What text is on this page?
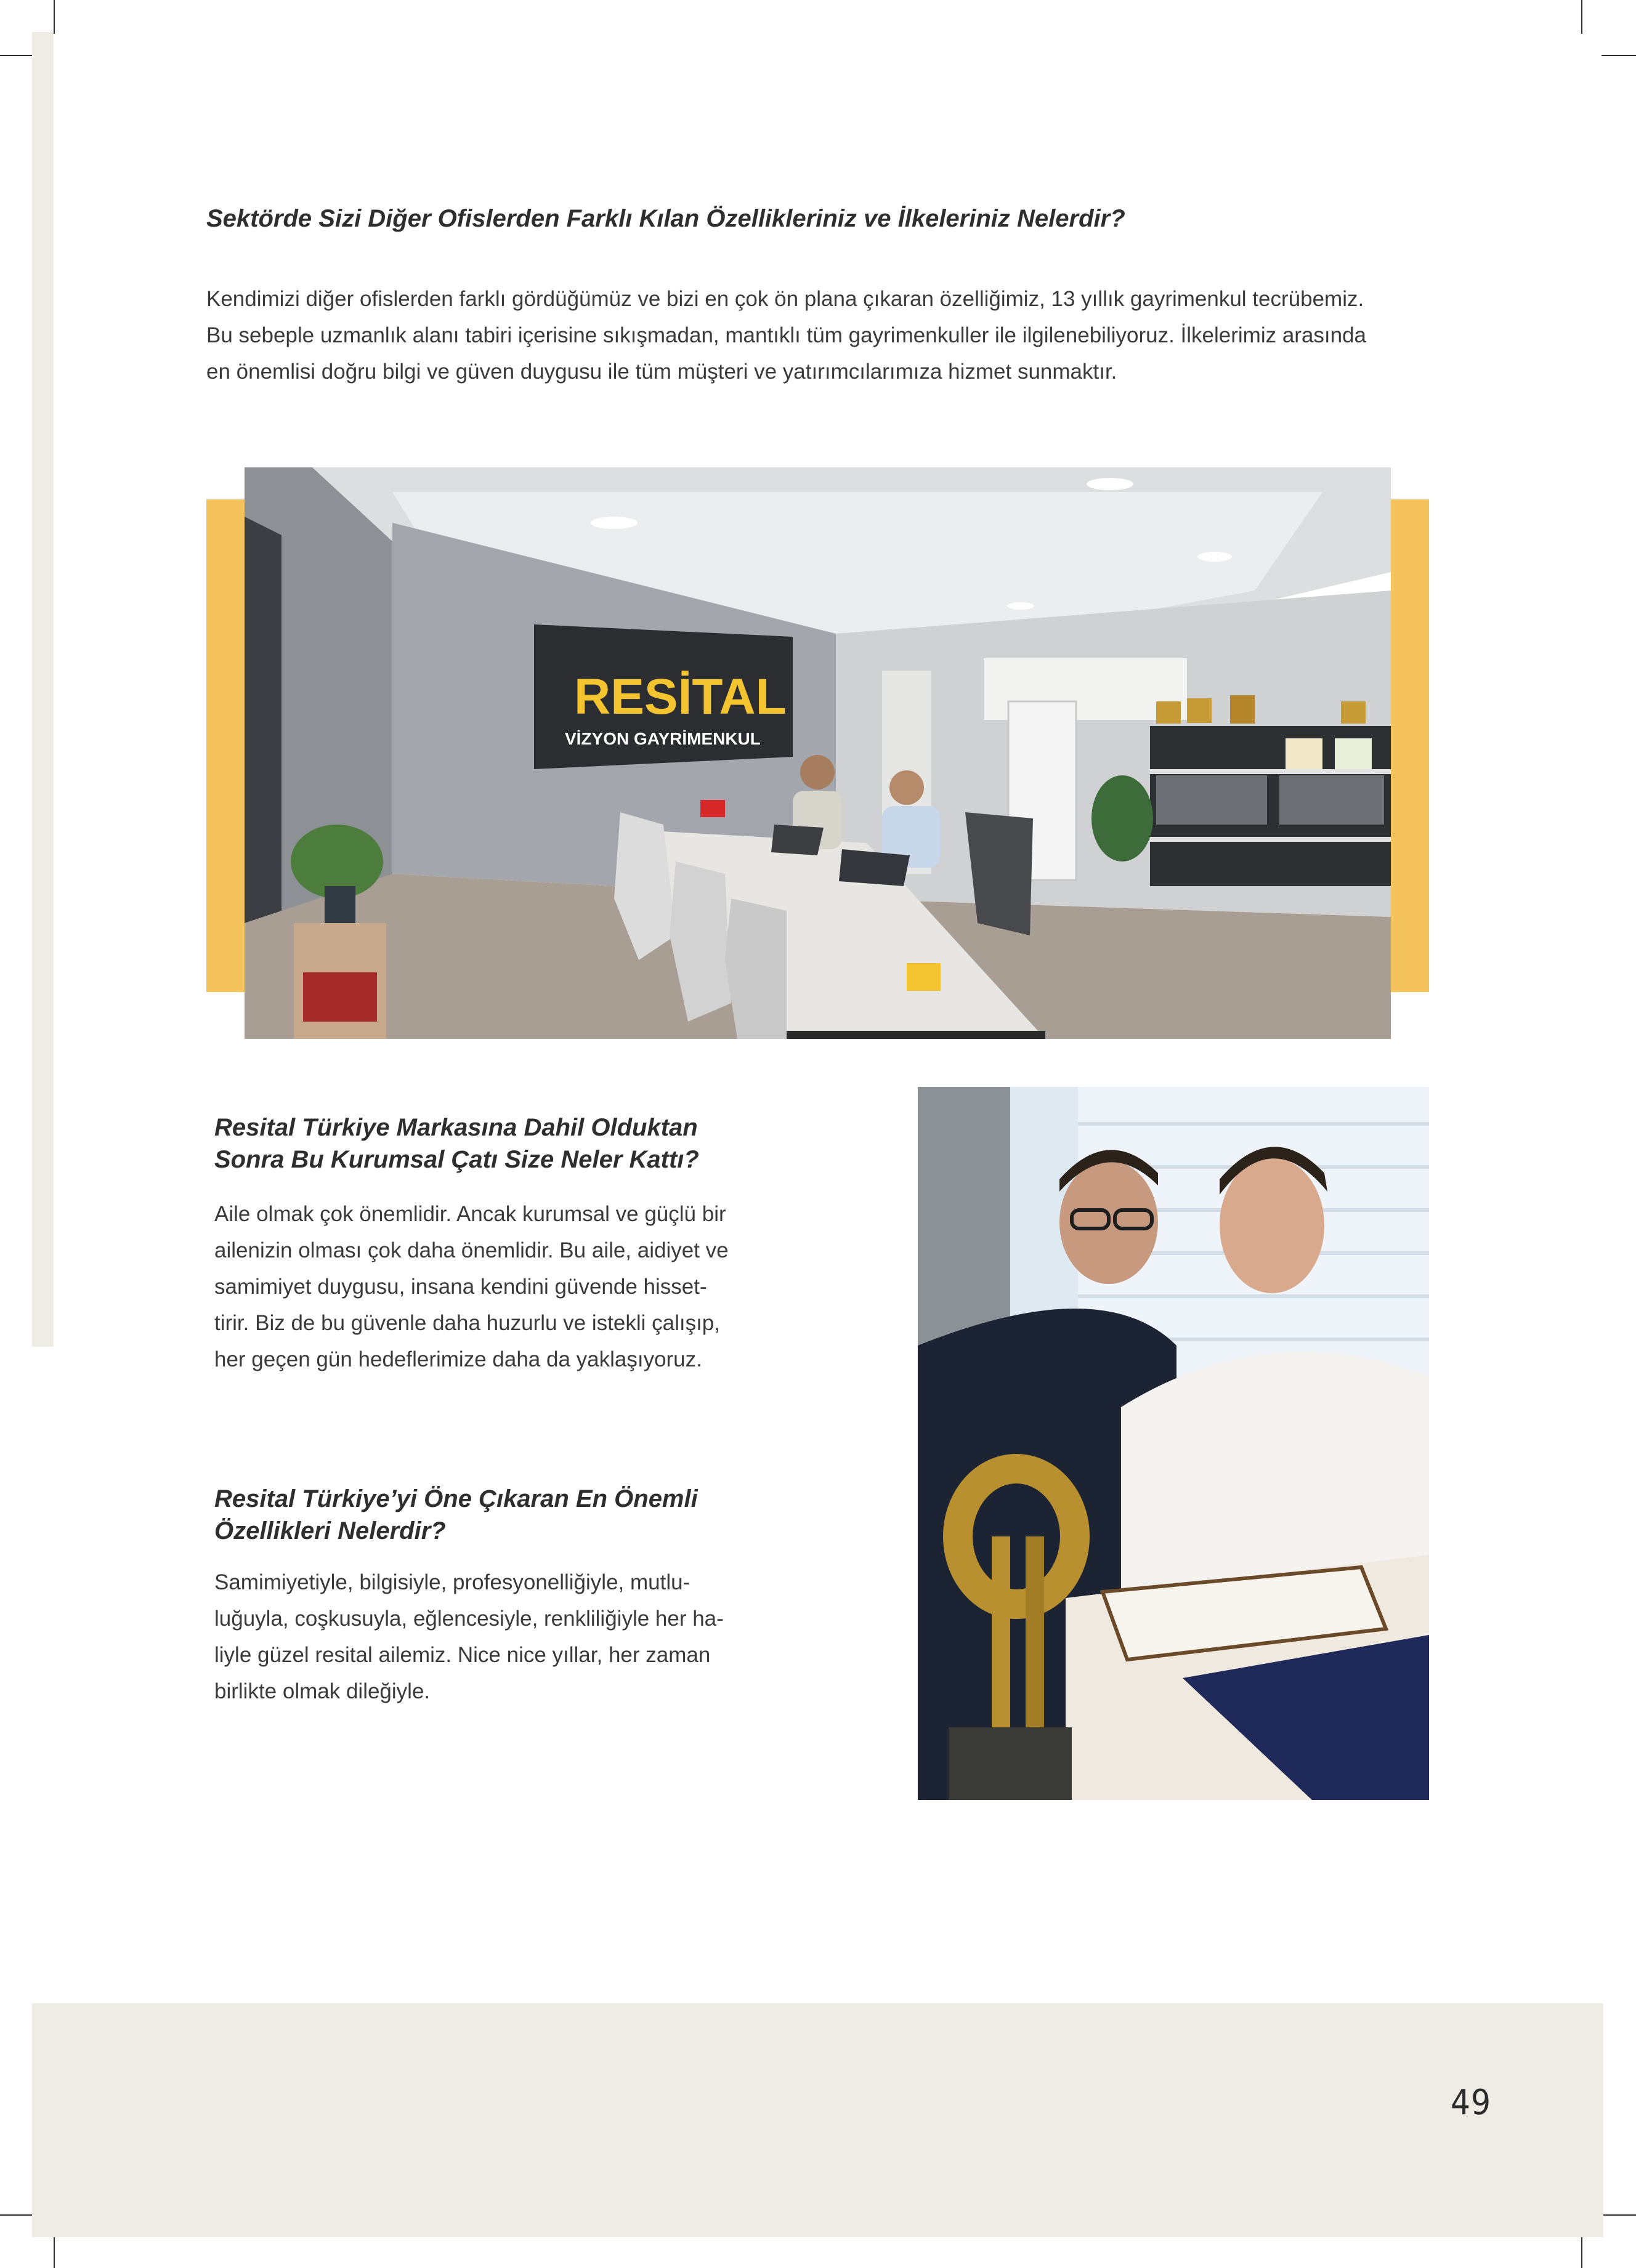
Sektörde Sizi Diğer Ofislerden Farklı Kılan Özellikleriniz ve İlkeleriniz Nelerdir?

Kendimizi diğer ofislerden farklı gördüğümüz ve bizi en çok ön plana çıkaran özelliğimiz, 13 yıllık gayrimenkul tecrübemiz.
Bu sebeple uzmanlık alanı tabiri içerisine sıkışmadan, mantıklı tüm gayrimenkuller ile ilgilenebiliyoruz. İlkelerimiz arasında
en önemlisi doğru bilgi ve güven duygusu ile tüm müşteri ve yatırımcılarımıza hizmet sunmaktır.

RESİTAL
VİZYON GAYRİMENKUL
Resital Türkiye Markasına Dahil Olduktan
Sonra Bu Kurumsal Çatı Size Neler Kattı?

Aile olmak çok önemlidir. Ancak kurumsal ve güçlü bir
ailenizin olması çok daha önemlidir. Bu aile, aidiyet ve
samimiyet duygusu, insana kendini güvende hisset-
tirir. Biz de bu güvenle daha huzurlu ve istekli çalışıp,
her geçen gün hedeflerimize daha da yaklaşıyoruz.

Resital Türkiye’yi Öne Çıkaran En Önemli
Özellikleri Nelerdir?

Samimiyetiyle, bilgisiyle, profesyonelliğiyle, mutlu-
luğuyla, coşkusuyla, eğlencesiyle, renkliliğiyle her ha-
liyle güzel resital ailemiz. Nice nice yıllar, her zaman
birlikte olmak dileğiyle.

49
